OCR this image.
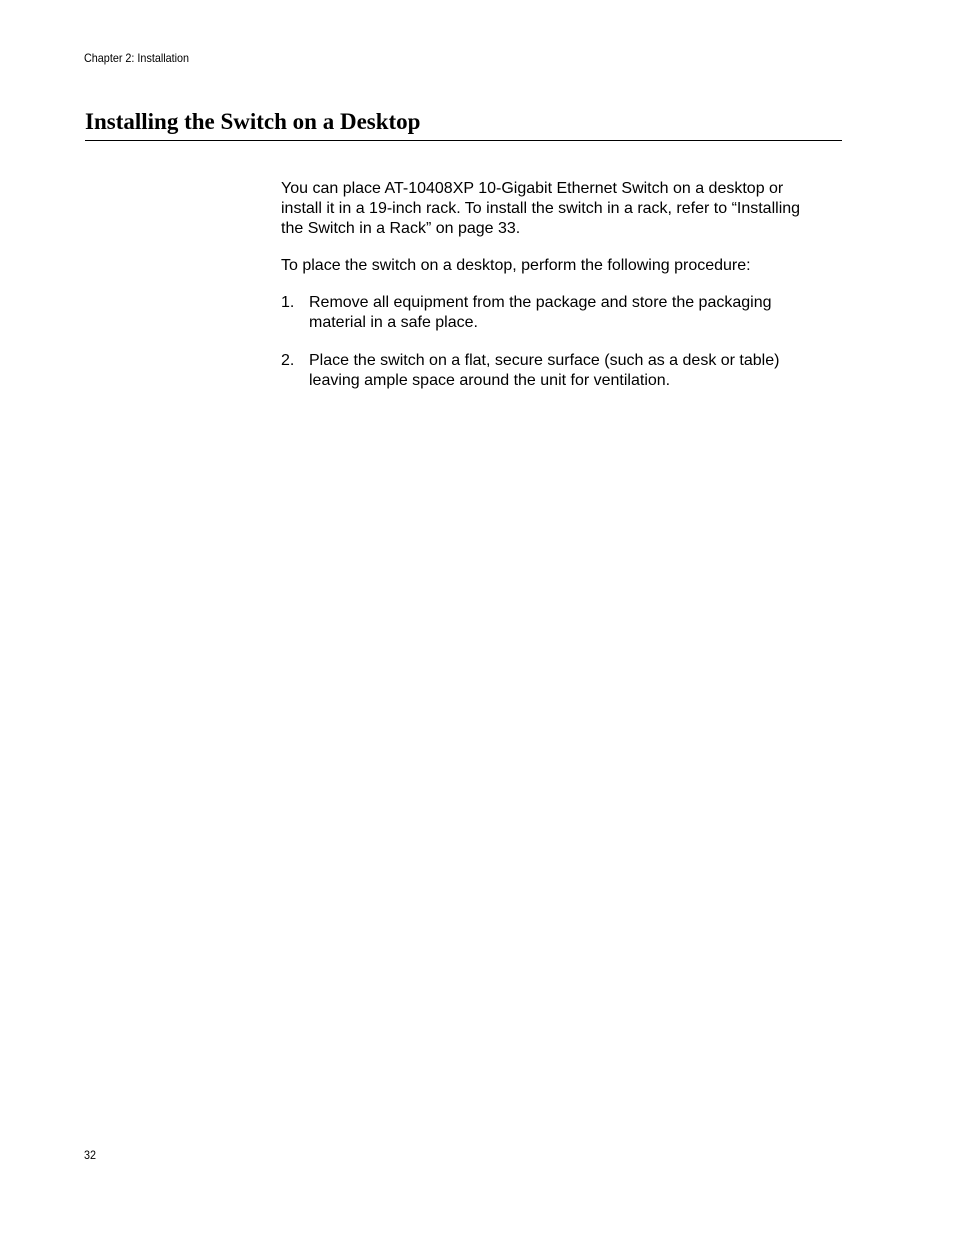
Chapter 2: Installation
Installing the Switch on a Desktop

You can place AT-10408XP 10-Gigabit Ethernet Switch on a desktop or
install it in a 19-inch rack. To install the switch in a rack, refer to “Installing
the Switch in a Rack” on page 33.

To place the switch on a desktop, perform the following procedure:

1. Remove all equipment from the package and store the packaging
material in a safe place.
2. Place the switch on a flat, secure surface (such as a desk or table)
leaving ample space around the unit for ventilation.
32
